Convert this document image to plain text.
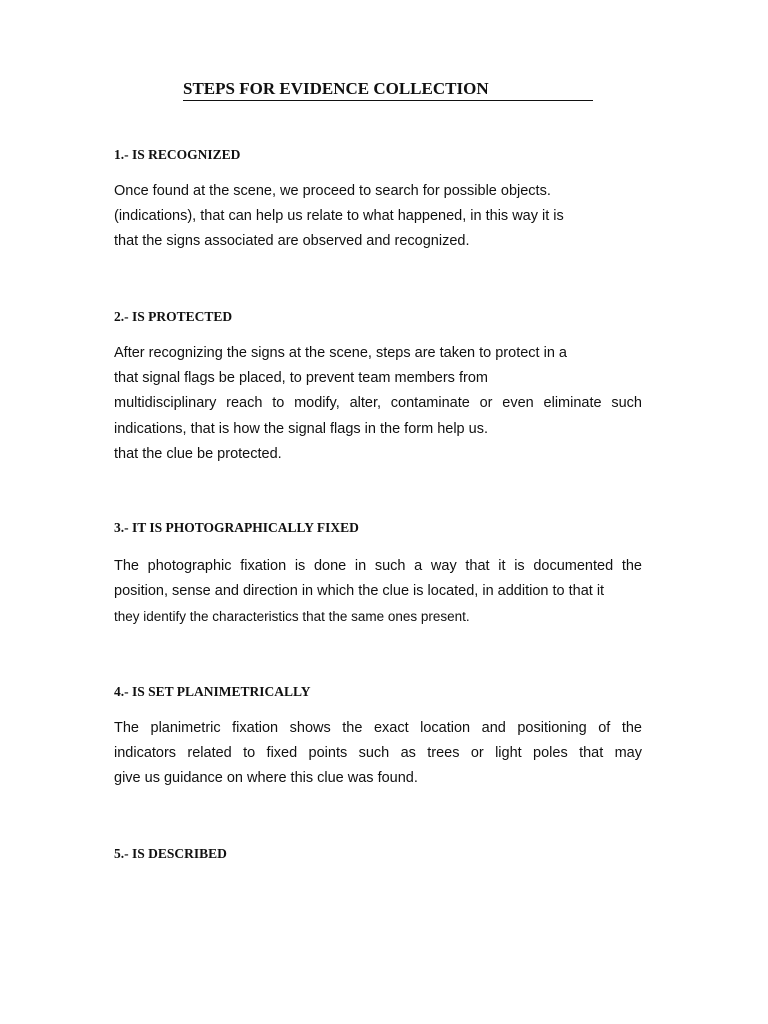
STEPS FOR EVIDENCE COLLECTION
1.- IS RECOGNIZED
Once found at the scene, we proceed to search for possible objects.
(indications), that can help us relate to what happened, in this way it is
that the signs associated are observed and recognized.
2.- IS PROTECTED
After recognizing the signs at the scene, steps are taken to protect in a
that signal flags be placed, to prevent team members from
multidisciplinary reach to modify, alter, contaminate or even eliminate such
indications, that is how the signal flags in the form help us.
that the clue be protected.
3.- IT IS PHOTOGRAPHICALLY FIXED
The photographic fixation is done in such a way that it is documented the
position, sense and direction in which the clue is located, in addition to that it
they identify the characteristics that the same ones present.
4.- IS SET PLANIMETRICALLY
The planimetric fixation shows the exact location and positioning of the
indicators related to fixed points such as trees or light poles that may
give us guidance on where this clue was found.
5.- IS DESCRIBED
